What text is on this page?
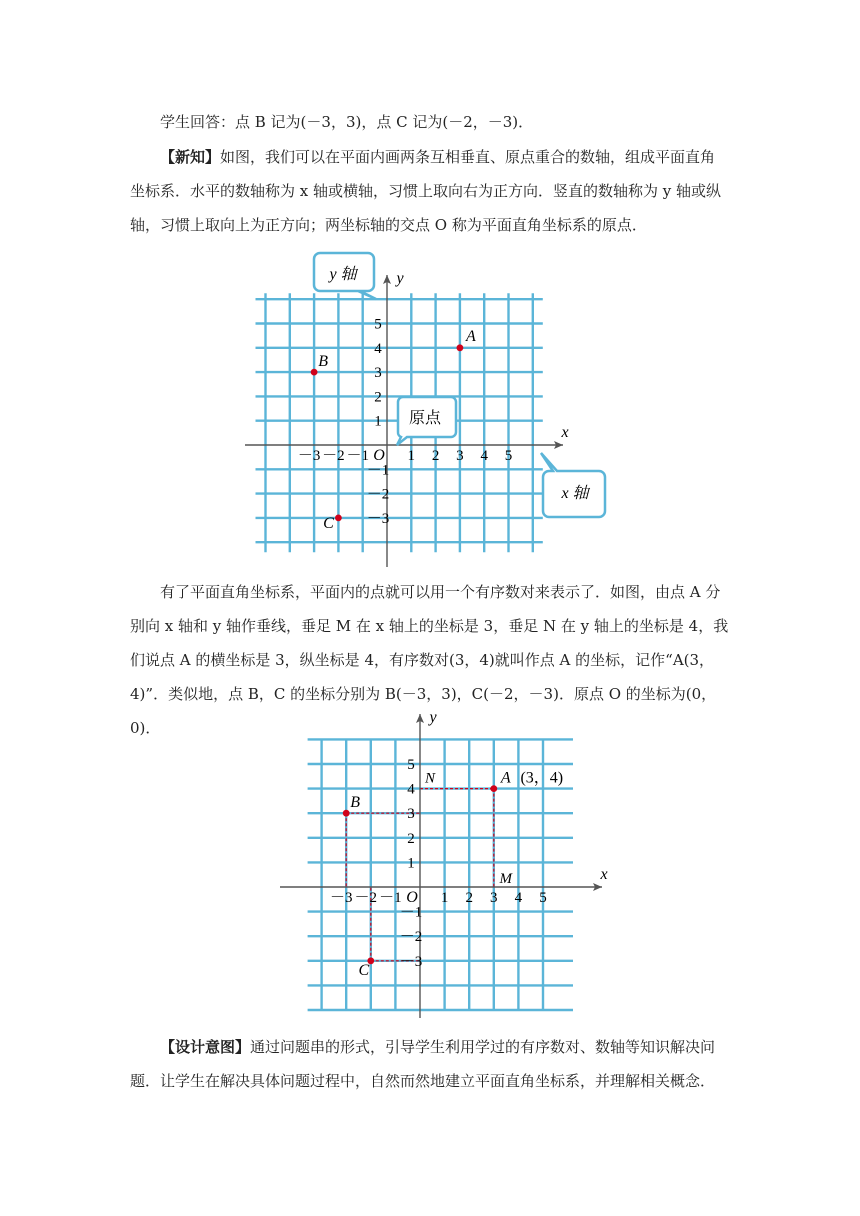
学生回答：点 B 记为(－3，3)，点 C 记为(－2，－3)．
【新知】如图，我们可以在平面内画两条互相垂直、原点重合的数轴，组成平面直角坐标系．水平的数轴称为 x 轴或横轴，习惯上取向右为正方向．竖直的数轴称为 y 轴或纵轴，习惯上取向上为正方向；两坐标轴的交点 O 称为平面直角坐标系的原点．
x
y
O
－3 －2 －1	1 2 3 4 5
5
4
3
2
1
－1
－2
－3
A
B
C
y 轴
原点
x 轴
有了平面直角坐标系，平面内的点就可以用一个有序数对来表示了．如图，由点 A 分别向 x 轴和 y 轴作垂线，垂足 M 在 x 轴上的坐标是 3，垂足 N 在 y 轴上的坐标是 4，我们说点 A 的横坐标是 3，纵坐标是 4，有序数对(3，4)就叫作点 A 的坐标，记作“A(3，4)”．类似地，点 B，C 的坐标分别为 B(－3，3)，C(－2，－3)．原点 O 的坐标为(0，0)．
x
y
O
－3 －2 －1	1 2 3 4 5
5
4
3
2
1
－1
－2
－3
A
B
C
(3，4)
N
M
【设计意图】通过问题串的形式，引导学生利用学过的有序数对、数轴等知识解决问题．让学生在解决具体问题过程中，自然而然地建立平面直角坐标系，并理解相关概念．
